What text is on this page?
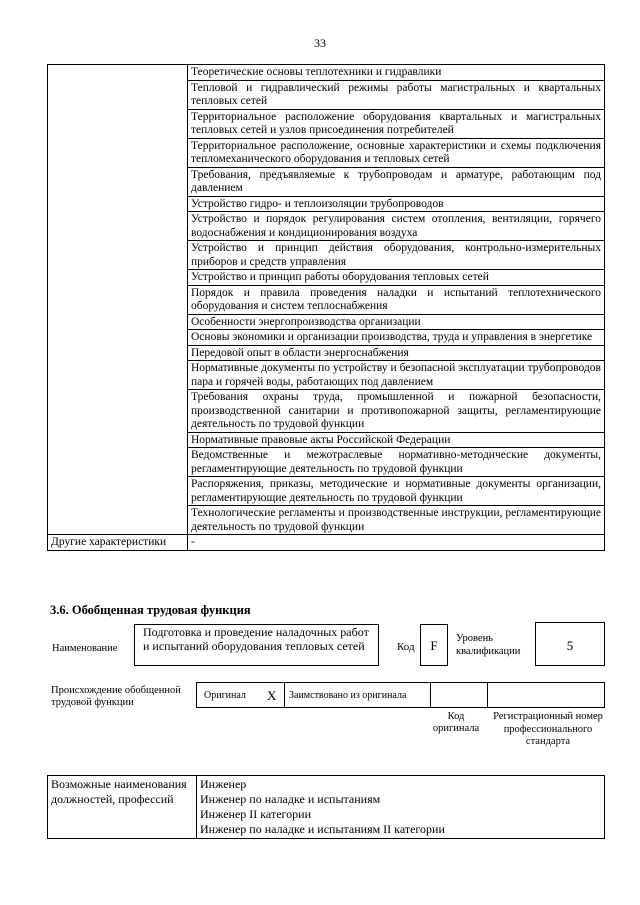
33
	Теоретические основы теплотехники и гидравлики
	Тепловой и гидравлический режимы работы магистральных и квартальных тепловых сетей
	Территориальное расположение оборудования квартальных и магистральных тепловых сетей и узлов присоединения потребителей
	Территориальное расположение, основные характеристики и схемы подключения тепломеханического оборудования и тепловых сетей
	Требования, предъявляемые к трубопроводам и арматуре, работающим под давлением
	Устройство гидро- и теплоизоляции трубопроводов
	Устройство и порядок регулирования систем отопления, вентиляции, горячего водоснабжения и кондиционирования воздуха
	Устройство и принцип действия оборудования, контрольно-измерительных приборов и средств управления
	Устройство и принцип работы оборудования тепловых сетей
	Порядок и правила проведения наладки и испытаний теплотехнического оборудования и систем теплоснабжения
	Особенности энергопроизводства организации
	Основы экономики и организации производства, труда и управления в энергетике
	Передовой опыт в области энергоснабжения
	Нормативные документы по устройству и безопасной эксплуатации трубопроводов пара и горячей воды, работающих под давлением
	Требования охраны труда, промышленной и пожарной безопасности, производственной санитарии и противопожарной защиты, регламентирующие деятельность по трудовой функции
	Нормативные правовые акты Российской Федерации
	Ведомственные и межотраслевые нормативно-методические документы, регламентирующие деятельность по трудовой функции
	Распоряжения, приказы, методические и нормативные документы организации, регламентирующие деятельность по трудовой функции
	Технологические регламенты и производственные инструкции, регламентирующие деятельность по трудовой функции
Другие характеристики	-
3.6. Обобщенная трудовая функция
Наименование
Подготовка и проведение наладочных работ и испытаний оборудования тепловых сетей	Код	F	Уровень квалификации	5
Происхождение обобщенной трудовой функции
Оригинал X Заимствовано из оригинала
Код оригинала
Регистрационный номер профессионального стандарта
Возможные наименования должностей, профессий	
Инженер
Инженер по наладке и испытаниям
Инженер II категории
Инженер по наладке и испытаниям II категории
